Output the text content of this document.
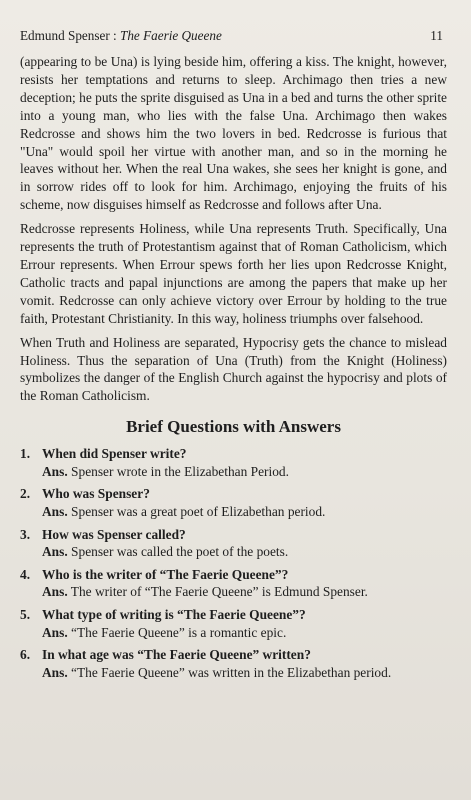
Edmund Spenser : The Faerie Queene	11

(appearing to be Una) is lying beside him, offering a kiss. The knight, however, resists her temptations and returns to sleep. Archimago then tries a new deception; he puts the sprite disguised as Una in a bed and turns the other sprite into a young man, who lies with the false Una. Archimago then wakes Redcrosse and shows him the two lovers in bed. Redcrosse is furious that "Una" would spoil her virtue with another man, and so in the morning he leaves without her. When the real Una wakes, she sees her knight is gone, and in sorrow rides off to look for him. Archimago, enjoying the fruits of his scheme, now disguises himself as Redcrosse and follows after Una.

Redcrosse represents Holiness, while Una represents Truth. Specifically, Una represents the truth of Protestantism against that of Roman Catholicism, which Errour represents. When Errour spews forth her lies upon Redcrosse Knight, Catholic tracts and papal injunctions are among the papers that make up her vomit. Redcrosse can only achieve victory over Errour by holding to the true faith, Protestant Christianity. In this way, holiness triumphs over falsehood.

When Truth and Holiness are separated, Hypocrisy gets the chance to mislead Holiness. Thus the separation of Una (Truth) from the Knight (Holiness) symbolizes the danger of the English Church against the hypocrisy and plots of the Roman Catholicism.

Brief Questions with Answers
1. When did Spenser write?
Ans. Spenser wrote in the Elizabethan Period.
2. Who was Spenser?
Ans. Spenser was a great poet of Elizabethan period.
3. How was Spenser called?
Ans. Spenser was called the poet of the poets.
4. Who is the writer of “The Faerie Queene”?
Ans. The writer of “The Faerie Queene” is Edmund Spenser.
5. What type of writing is “The Faerie Queene”?
Ans. “The Faerie Queene” is a romantic epic.
6. In what age was “The Faerie Queene” written?
Ans. “The Faerie Queene” was written in the Elizabethan period.
